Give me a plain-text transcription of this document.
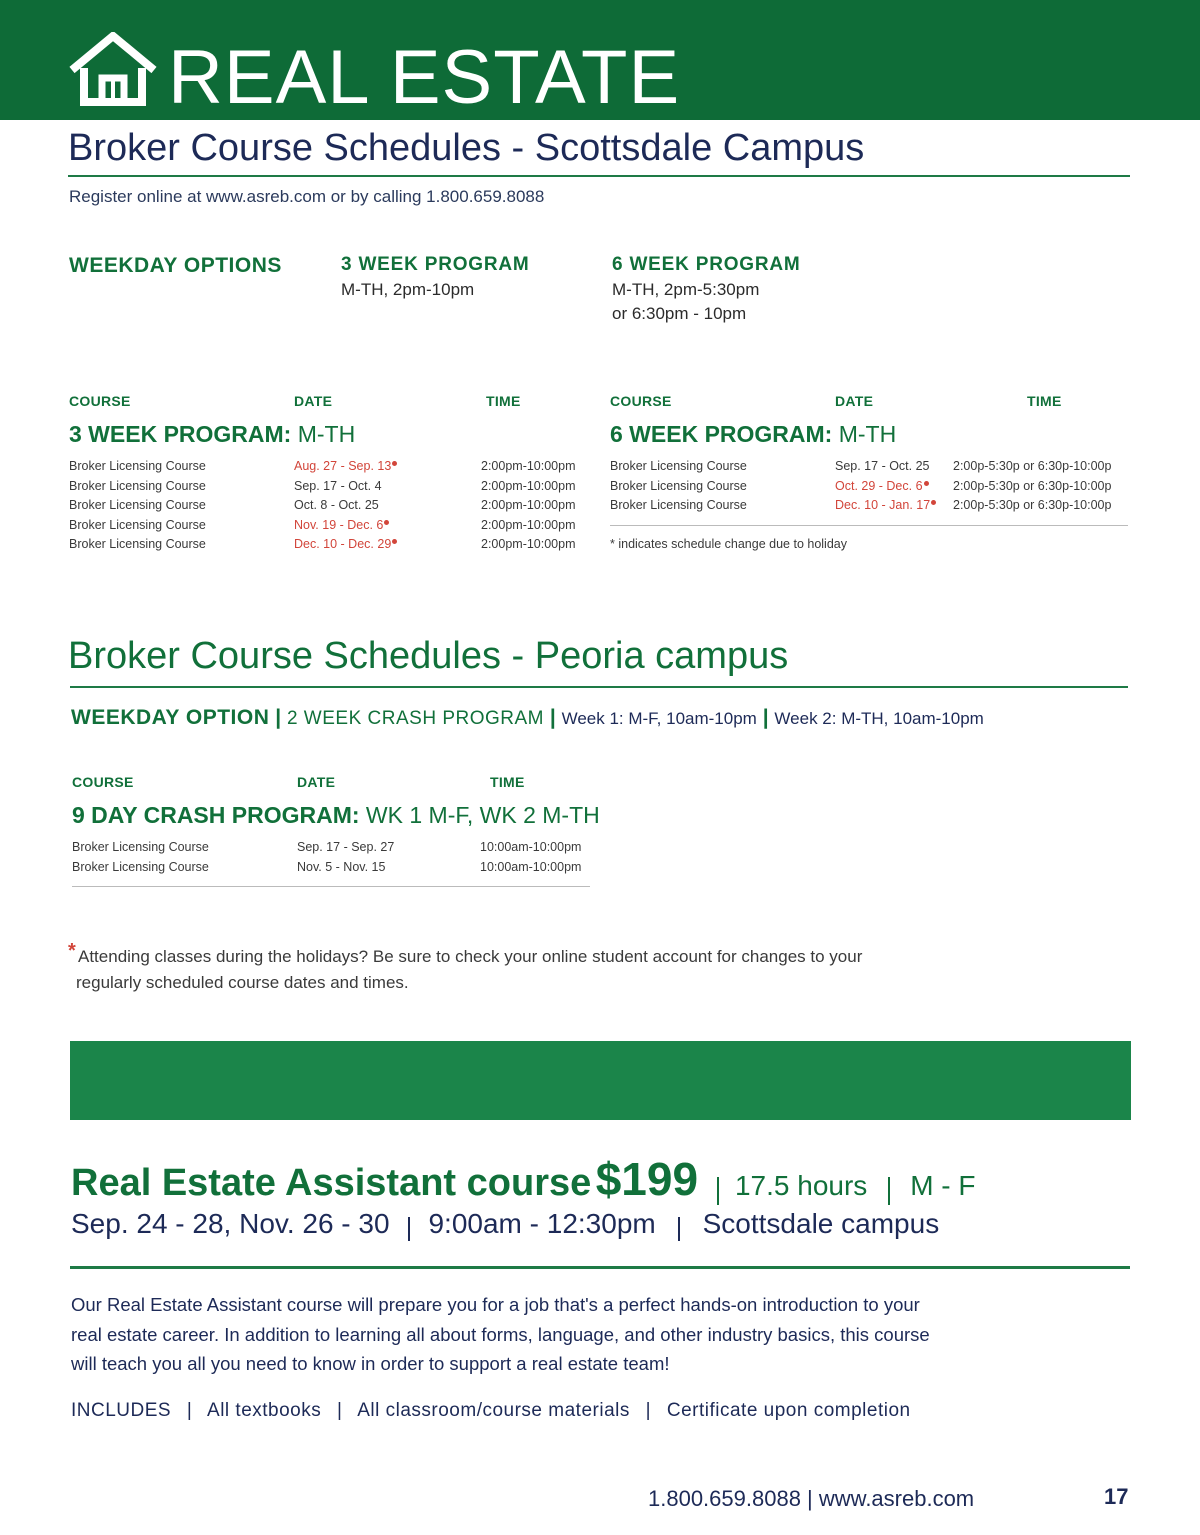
REAL ESTATE
Broker Course Schedules - Scottsdale Campus
Register online at www.asreb.com or by calling 1.800.659.8088
WEEKDAY OPTIONS	3 WEEK PROGRAM
M-TH, 2pm-10pm
6 WEEK PROGRAM
M-TH, 2pm-5:30pm
or 6:30pm - 10pm
COURSE	DATE	TIME
3 WEEK PROGRAM: M-TH
Broker Licensing Course	Aug. 27 - Sep. 13	2:00pm-10:00pm
Broker Licensing Course	Sep. 17 - Oct. 4	2:00pm-10:00pm
Broker Licensing Course	Oct. 8 - Oct. 25	2:00pm-10:00pm
Broker Licensing Course	Nov. 19 - Dec. 6	2:00pm-10:00pm
Broker Licensing Course	Dec. 10 - Dec. 29	2:00pm-10:00pm
COURSE	DATE	TIME
6 WEEK PROGRAM: M-TH
Broker Licensing Course	Sep. 17 - Oct. 25 2:00p-5:30p or 6:30p-10:00p
Broker Licensing Course	Oct. 29 - Dec. 6	2:00p-5:30p or 6:30p-10:00p
Broker Licensing Course	Dec. 10 - Jan. 17	2:00p-5:30p or 6:30p-10:00p
* indicates schedule change due to holiday
Broker Course Schedules - Peoria campus
WEEKDAY OPTION | 2 WEEK CRASH PROGRAM | Week 1: M-F, 10am-10pm | Week 2: M-TH, 10am-10pm
COURSE	DATE	TIME
9 DAY CRASH PROGRAM: WK 1 M-F, WK 2 M-TH
Broker Licensing Course	Sep. 17 - Sep. 27	10:00am-10:00pm
Broker Licensing Course	Nov. 5 - Nov. 15	10:00am-10:00pm
* Attending classes during the holidays? Be sure to check your online student account for changes to your
regularly scheduled course dates and times.
Real Estate Assistant course $199 17.5 hours M - F
Sep. 24 - 28, Nov. 26 - 30 9:00am - 12:30pm Scottsdale campus
Our Real Estate Assistant course will prepare you for a job that's a perfect hands-on introduction to your
real estate career. In addition to learning all about forms, language, and other industry basics, this course
will teach you all you need to know in order to support a real estate team!
INCLUDES | All textbooks | All classroom/course materials | Certificate upon completion
1.800.659.8088 | www.asreb.com	17
